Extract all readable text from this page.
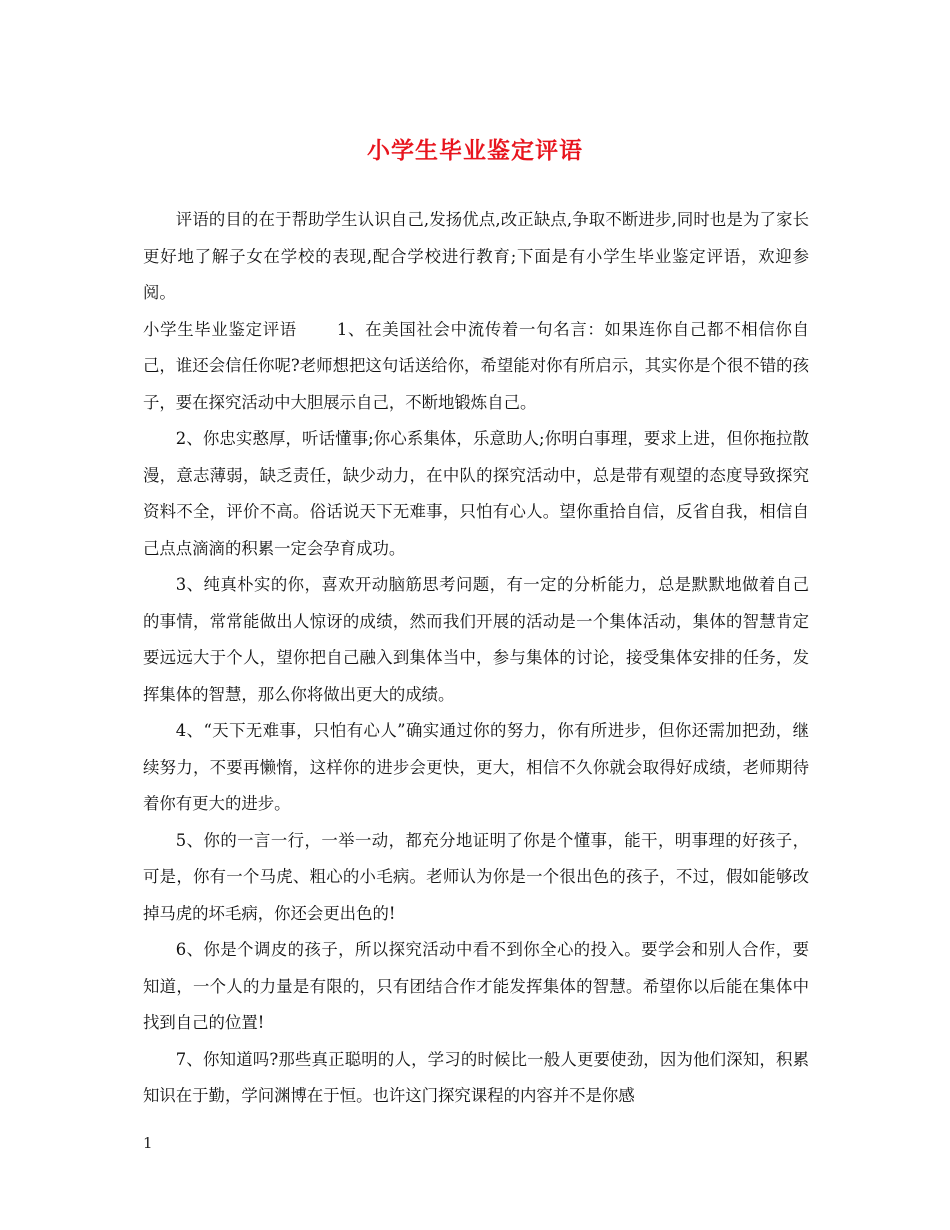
小学生毕业鉴定评语

评语的目的在于帮助学生认识自己,发扬优点,改正缺点,争取不断进步,同时也是为了家长更好地了解子女在学校的表现,配合学校进行教育;下面是有小学生毕业鉴定评语，欢迎参阅。

小学生毕业鉴定评语 1、在美国社会中流传着一句名言：如果连你自己都不相信你自己，谁还会信任你呢?老师想把这句话送给你，希望能对你有所启示，其实你是个很不错的孩子，要在探究活动中大胆展示自己，不断地锻炼自己。

2、你忠实憨厚，听话懂事;你心系集体，乐意助人;你明白事理，要求上进，但你拖拉散漫，意志薄弱，缺乏责任，缺少动力，在中队的探究活动中，总是带有观望的态度导致探究资料不全，评价不高。俗话说天下无难事，只怕有心人。望你重拾自信，反省自我，相信自己点点滴滴的积累一定会孕育成功。

3、纯真朴实的你，喜欢开动脑筋思考问题，有一定的分析能力，总是默默地做着自己的事情，常常能做出人惊讶的成绩，然而我们开展的活动是一个集体活动，集体的智慧肯定要远远大于个人，望你把自己融入到集体当中，参与集体的讨论，接受集体安排的任务，发挥集体的智慧，那么你将做出更大的成绩。

4、“天下无难事，只怕有心人”确实通过你的努力，你有所进步，但你还需加把劲，继续努力，不要再懒惰，这样你的进步会更快，更大，相信不久你就会取得好成绩，老师期待着你有更大的进步。

5、你的一言一行，一举一动，都充分地证明了你是个懂事，能干，明事理的好孩子，可是，你有一个马虎、粗心的小毛病。老师认为你是一个很出色的孩子，不过，假如能够改掉马虎的坏毛病，你还会更出色的!

6、你是个调皮的孩子，所以探究活动中看不到你全心的投入。要学会和别人合作，要知道，一个人的力量是有限的，只有团结合作才能发挥集体的智慧。希望你以后能在集体中找到自己的位置!

7、你知道吗?那些真正聪明的人，学习的时候比一般人更要使劲，因为他们深知，积累知识在于勤，学问渊博在于恒。也许这门探究课程的内容并不是你感

1
